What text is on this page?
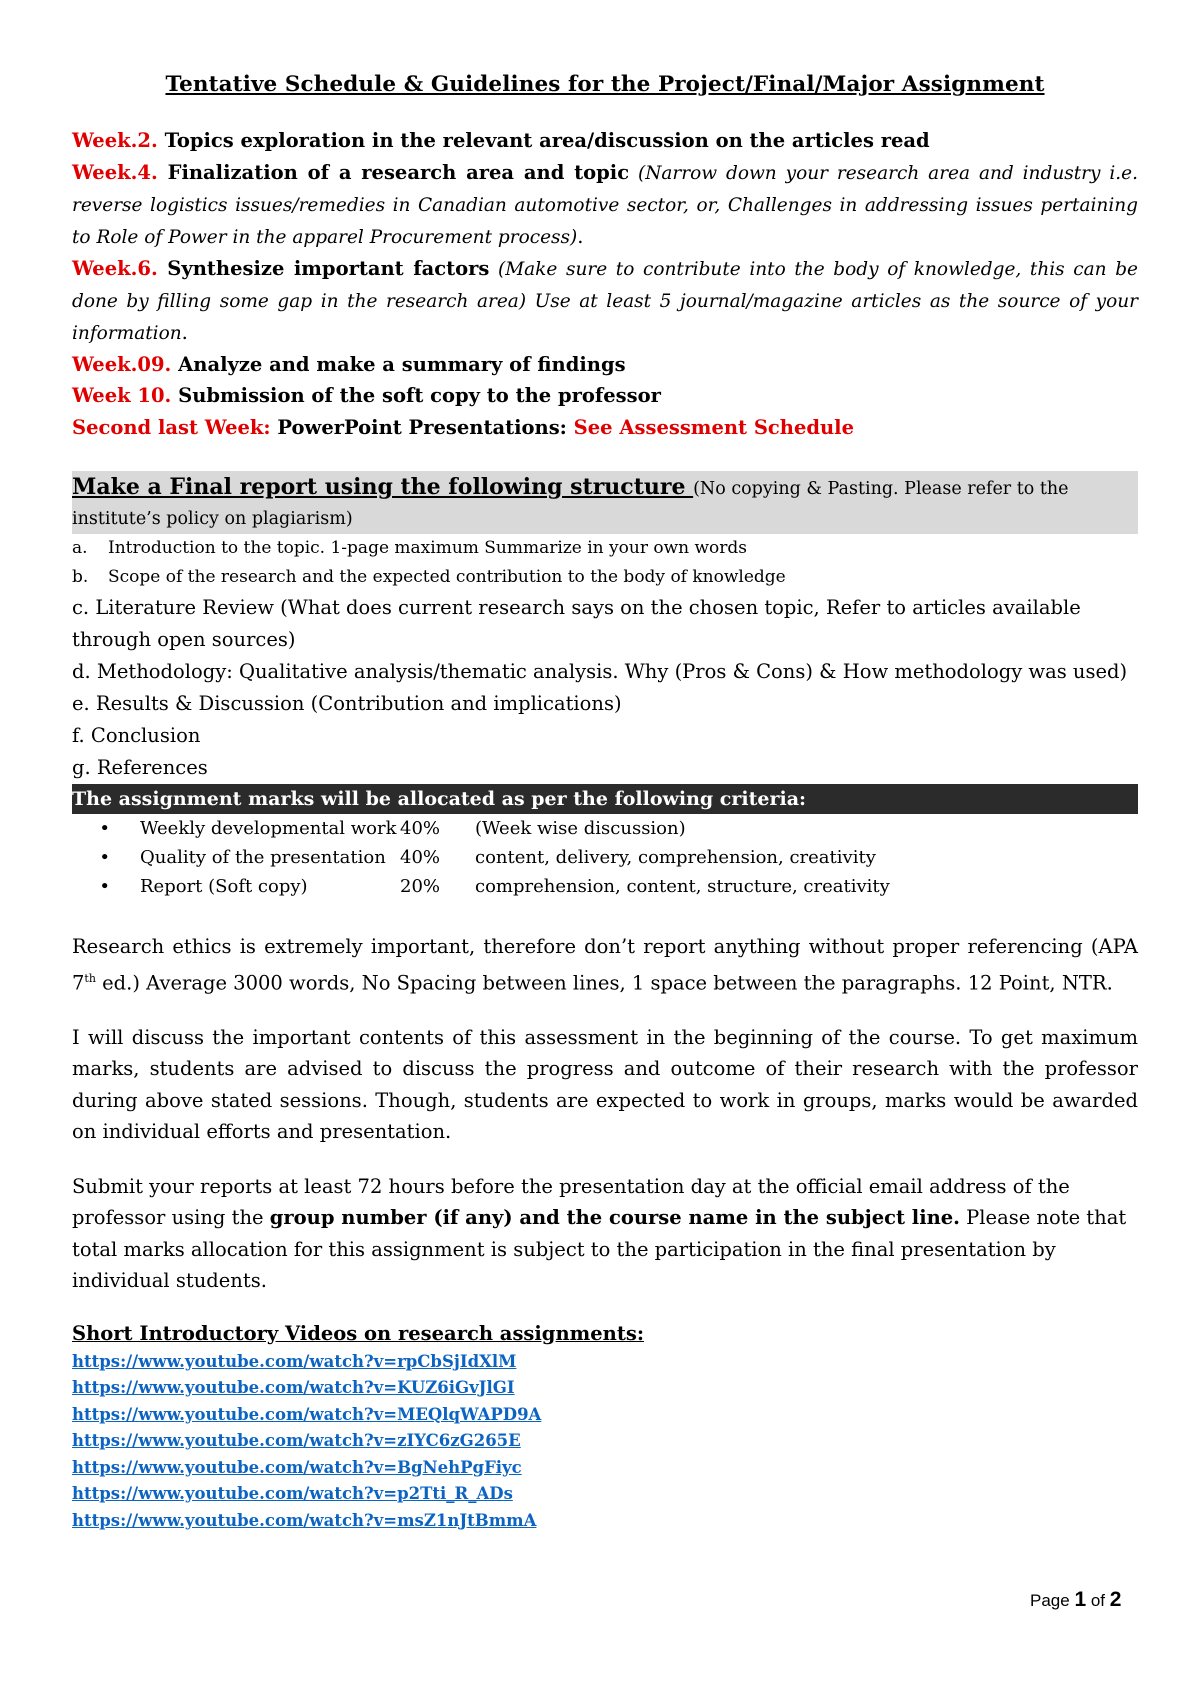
Tentative Schedule & Guidelines for the Project/Final/Major Assignment
Week.2. Topics exploration in the relevant area/discussion on the articles read
Week.4. Finalization of a research area and topic (Narrow down your research area and industry i.e. reverse logistics issues/remedies in Canadian automotive sector, or, Challenges in addressing issues pertaining to Role of Power in the apparel Procurement process).
Week.6. Synthesize important factors (Make sure to contribute into the body of knowledge, this can be done by filling some gap in the research area) Use at least 5 journal/magazine articles as the source of your information.
Week.09. Analyze and make a summary of findings
Week 10. Submission of the soft copy to the professor
Second last Week: PowerPoint Presentations: See Assessment Schedule
Make a Final report using the following structure (No copying & Pasting. Please refer to the institute’s policy on plagiarism)
a. Introduction to the topic. 1-page maximum Summarize in your own words
b. Scope of the research and the expected contribution to the body of knowledge
c. Literature Review (What does current research says on the chosen topic, Refer to articles available through open sources)
d. Methodology: Qualitative analysis/thematic analysis. Why (Pros & Cons) & How methodology was used)
e. Results & Discussion (Contribution and implications)
f. Conclusion
g. References
The assignment marks will be allocated as per the following criteria:
•	Weekly developmental work 40%	(Week wise discussion)
•	Quality of the presentation 40%	content, delivery, comprehension, creativity
•	Report (Soft copy)	20%	comprehension, content, structure, creativity
Research ethics is extremely important, therefore don’t report anything without proper referencing (APA 7th ed.) Average 3000 words, No Spacing between lines, 1 space between the paragraphs. 12 Point, NTR.
I will discuss the important contents of this assessment in the beginning of the course. To get maximum marks, students are advised to discuss the progress and outcome of their research with the professor during above stated sessions. Though, students are expected to work in groups, marks would be awarded on individual efforts and presentation.
Submit your reports at least 72 hours before the presentation day at the official email address of the professor using the group number (if any) and the course name in the subject line. Please note that total marks allocation for this assignment is subject to the participation in the final presentation by individual students.
Short Introductory Videos on research assignments:
https://www.youtube.com/watch?v=rpCbSjIdXlM
https://www.youtube.com/watch?v=KUZ6iGvJlGI
https://www.youtube.com/watch?v=MEQlqWAPD9A
https://www.youtube.com/watch?v=zIYC6zG265E
https://www.youtube.com/watch?v=BgNehPgFiyc
https://www.youtube.com/watch?v=p2Tti_R_ADs
https://www.youtube.com/watch?v=msZ1nJtBmmA
Page 1 of 2
